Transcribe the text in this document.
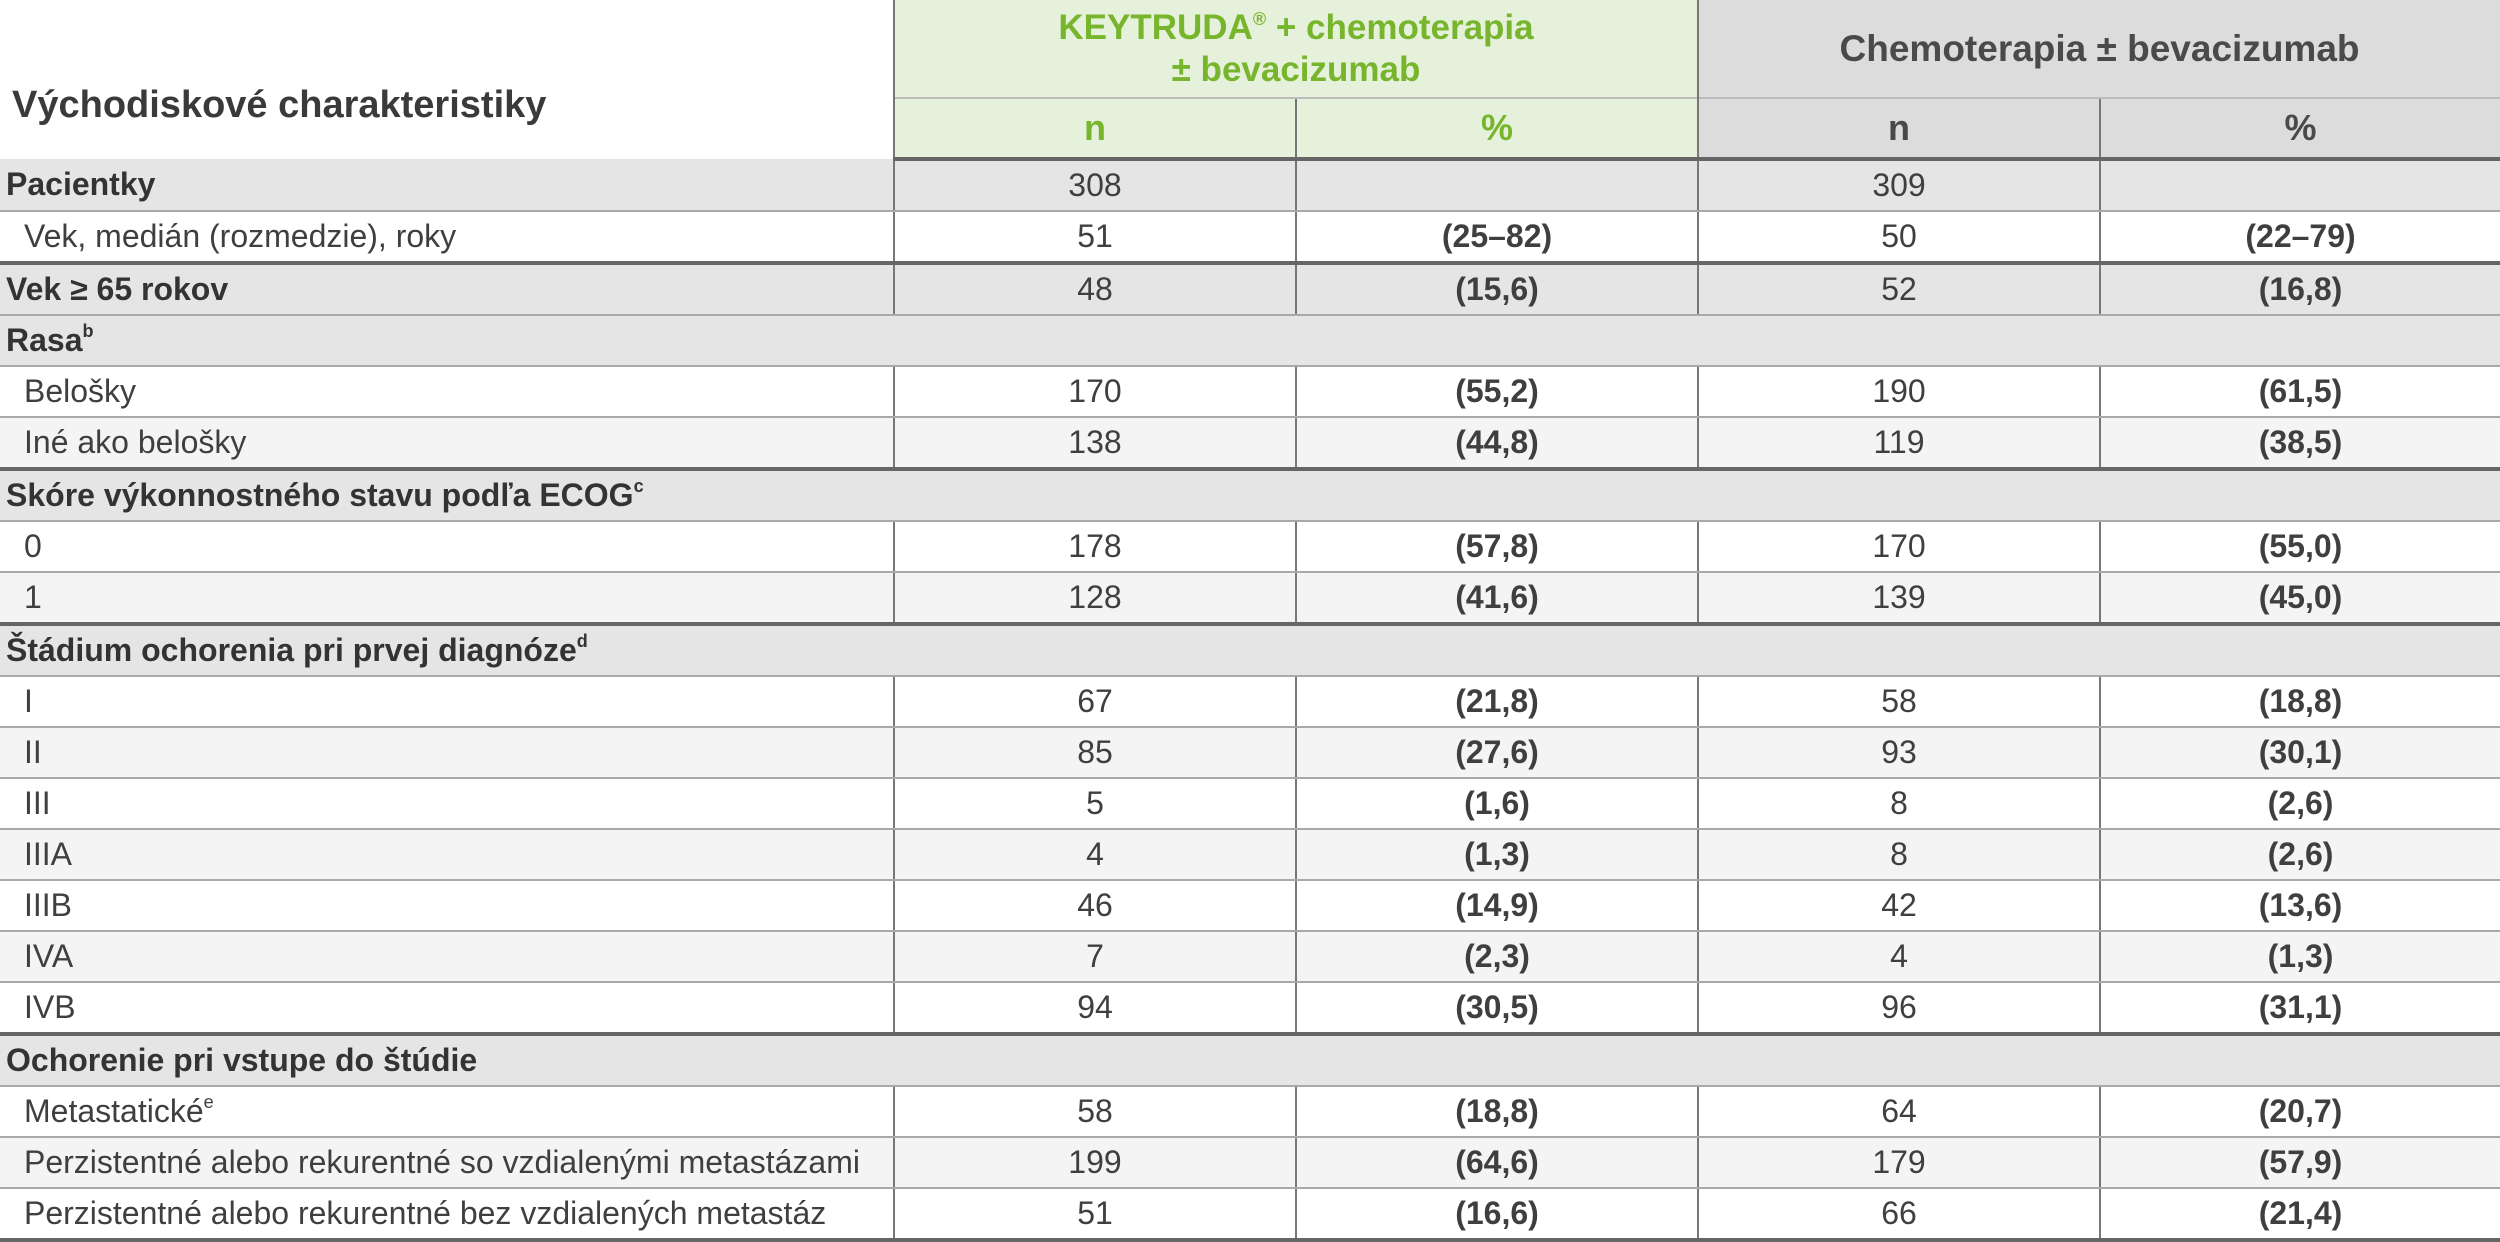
Východiskové charakteristiky	KEYTRUDA® + chemoterapia
± bevacizumab		Chemoterapia ± bevacizumab	
	n	%	n	%
Pacientky	308		309	
Vek, medián (rozmedzie), roky	51	(25–82)	50	(22–79)
Vek ≥ 65 rokov	48	(15,6)	52	(16,8)
Rasa$^b$
Belošky	170	(55,2)	190	(61,5)
Iné ako belošky	138	(44,8)	119	(38,5)
Skóre výkonnostného stavu podľa ECOG$^c$
0	178	(57,8)	170	(55,0)
1	128	(41,6)	139	(45,0)
Štádium ochorenia pri prvej diagnóze$^d$
I	67	(21,8)	58	(18,8)
II	85	(27,6)	93	(30,1)
III	5	(1,6)	8	(2,6)
IIIA	4	(1,3)	8	(2,6)
IIIB	46	(14,9)	42	(13,6)
IVA	7	(2,3)	4	(1,3)
IVB	94	(30,5)	96	(31,1)
Ochorenie pri vstupe do štúdie				
Metastatické$^e$	58	(18,8)	64	(20,7)
Perzistentné alebo rekurentné so vzdialenými metastázami	199	(64,6)	179	(57,9)
Perzistentné alebo rekurentné bez vzdialených metastáz	51	(16,6)	66	(21,4)
